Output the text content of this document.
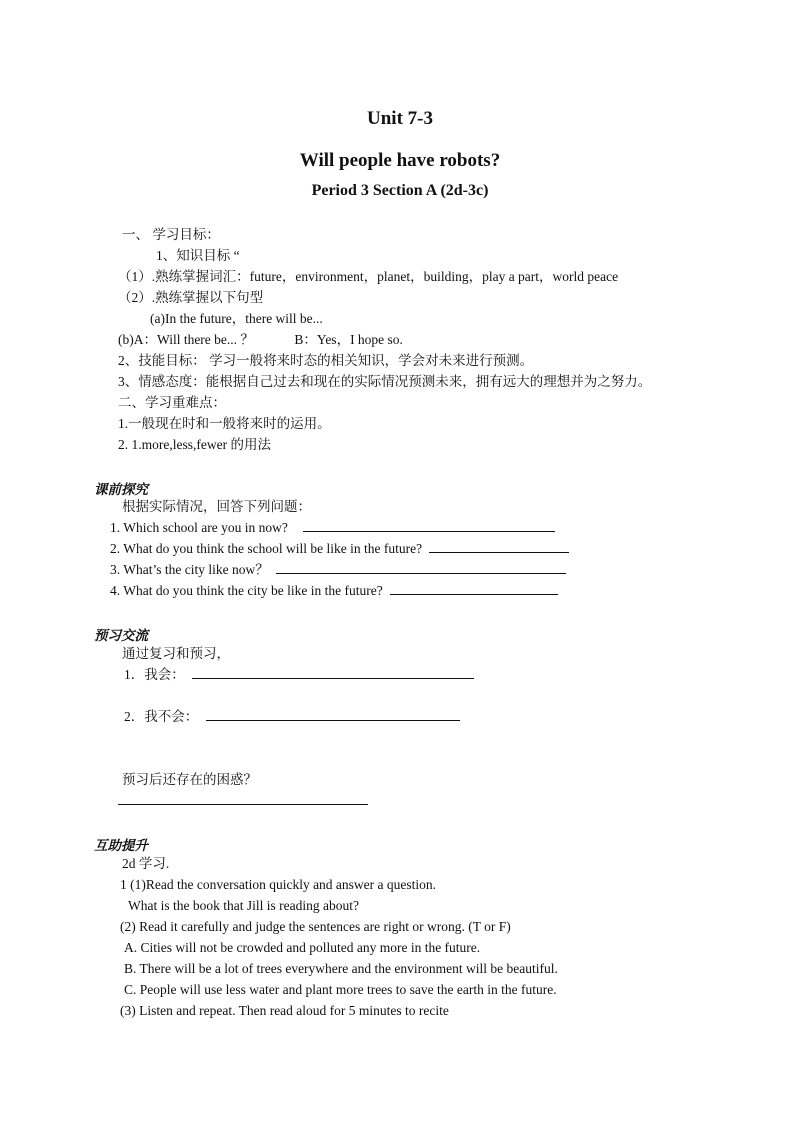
Unit 7-3
Will people have robots?
Period 3 Section A (2d-3c)
一、 学习目标：
1、知识目标 “
（1）.熟练掌握词汇：future，environment，planet，building，play a part，world peace
（2）.熟练掌握以下句型
(a)In the future，there will be...
(b)A：Will there be... ？            B：Yes，I hope so.
2、技能目标： 学习一般将来时态的相关知识，学会对未来进行预测。
3、情感态度：能根据自己过去和现在的实际情况预测未来，拥有远大的理想并为之努力。
二、学习重难点：
1.一般现在时和一般将来时的运用。
2. 1.more,less,fewer 的用法
课前探究
根据实际情况，回答下列问题：
1. Which school are you in now?
2. What do you think the school will be like in the future?
3. What’s the city like now？
4. What do you think the city be like in the future?
预习交流
通过复习和预习，
1．我会：
2．我不会：
预习后还存在的困惑？
互助提升
2d 学习.
1 (1)Read the conversation quickly and answer a question.
What is the book that Jill is reading about?
(2) Read it carefully and judge the sentences are right or wrong. (T or F)
A. Cities will not be crowded and polluted any more in the future.
B. There will be a lot of trees everywhere and the environment will be beautiful.
C. People will use less water and plant more trees to save the earth in the future.
(3) Listen and repeat. Then read aloud for 5 minutes to recite
